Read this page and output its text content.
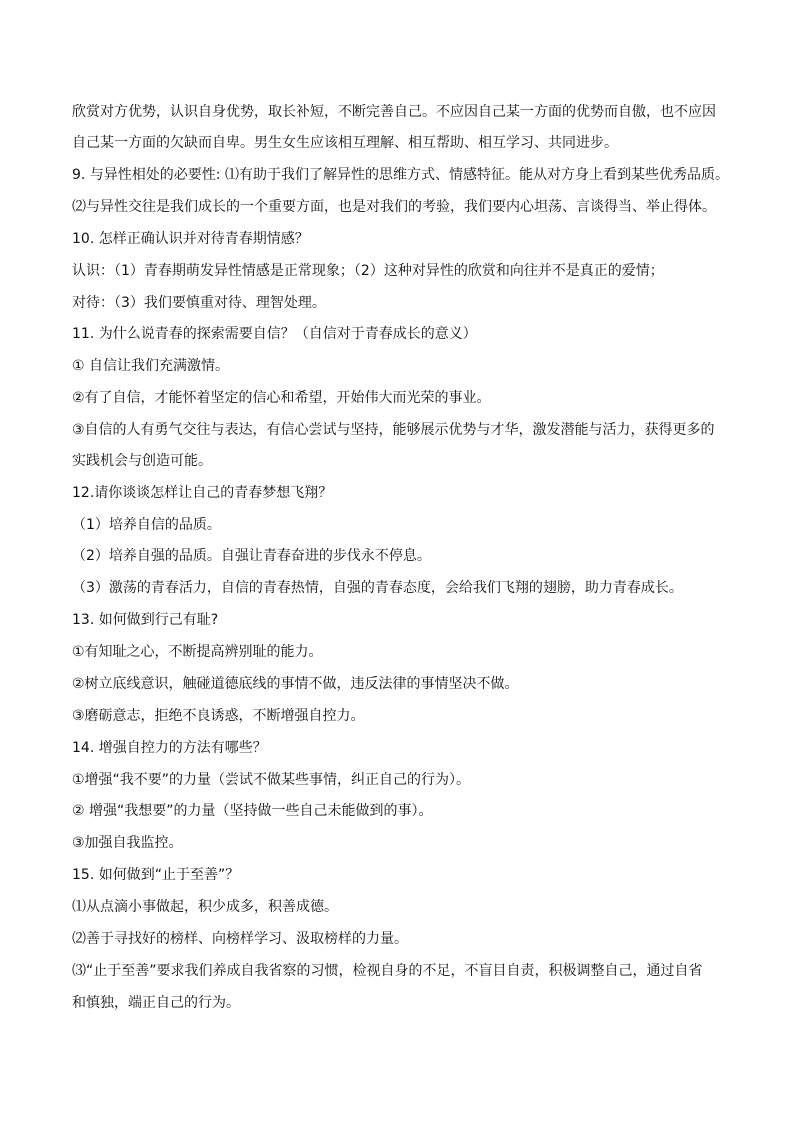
欣赏对方优势，认识自身优势，取长补短，不断完善自己。不应因自己某一方面的优势而自傲，也不应因
自己某一方面的欠缺而自卑。男生女生应该相互理解、相互帮助、相互学习、共同进步。
9. 与异性相处的必要性: ⑴有助于我们了解异性的思维方式、情感特征。能从对方身上看到某些优秀品质。
⑵与异性交往是我们成长的一个重要方面，也是对我们的考验，我们要内心坦荡、言谈得当、举止得体。
10. 怎样正确认识并对待青春期情感？
认识：（1）青春期萌发异性情感是正常现象；（2）这种对异性的欣赏和向往并不是真正的爱情；
对待：（3）我们要慎重对待、理智处理。
11. 为什么说青春的探索需要自信？（自信对于青春成长的意义）
① 自信让我们充满激情。
②有了自信，才能怀着坚定的信心和希望，开始伟大而光荣的事业。
③自信的人有勇气交往与表达，有信心尝试与坚持，能够展示优势与才华，激发潜能与活力，获得更多的
实践机会与创造可能。
12.请你谈谈怎样让自己的青春梦想飞翔？
（1）培养自信的品质。
（2）培养自强的品质。自强让青春奋进的步伐永不停息。
（3）激荡的青春活力，自信的青春热情，自强的青春态度，会给我们飞翔的翅膀，助力青春成长。
13. 如何做到行己有耻?
①有知耻之心，不断提高辨别耻的能力。
②树立底线意识，触碰道德底线的事情不做，违反法律的事情坚决不做。
③磨砺意志，拒绝不良诱惑，不断增强自控力。
14. 增强自控力的方法有哪些？
①增强“我不要”的力量（尝试不做某些事情，纠正自己的行为）。
② 增强“我想要”的力量（坚持做一些自己未能做到的事）。
③加强自我监控。
15. 如何做到“止于至善”？
⑴从点滴小事做起，积少成多，积善成德。
⑵善于寻找好的榜样、向榜样学习、汲取榜样的力量。
⑶“止于至善”要求我们养成自我省察的习惯，检视自身的不足，不盲目自责，积极调整自己，通过自省
和慎独，端正自己的行为。
